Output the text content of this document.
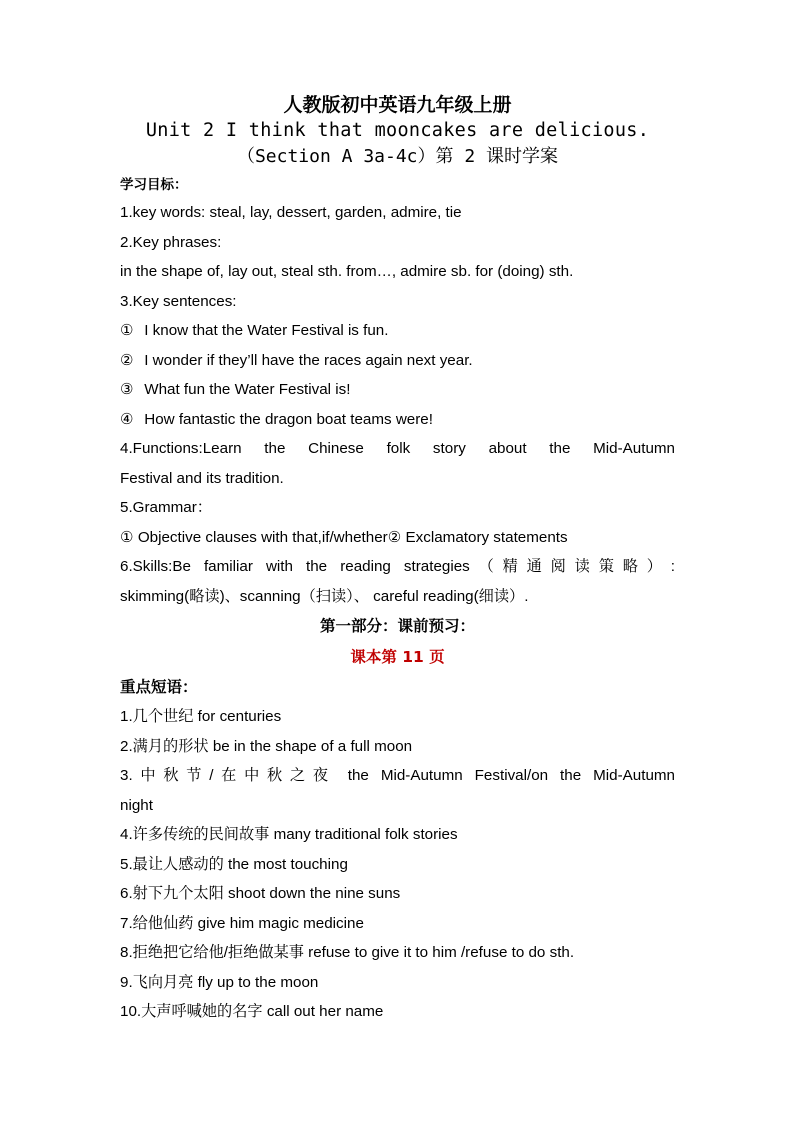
人教版初中英语九年级上册
Unit 2 I think that mooncakes are delicious.
（Section A 3a-4c）第 2 课时学案
学习目标：
1.key words: steal, lay, dessert, garden, admire, tie
2.Key phrases:
in the shape of, lay out, steal sth. from…, admire sb. for (doing) sth.
3.Key sentences:
① I know that the Water Festival is fun.
② I wonder if they’ll have the races again next year.
③ What fun the Water Festival is!
④ How fantastic the dragon boat teams were!
4.Functions:Learn the Chinese folk story about the Mid-Autumn
Festival and its tradition.
5.Grammar：
① Objective clauses with that,if/whether② Exclamatory statements
6.Skills:Be familiar with the reading strategies（精通阅读策略）:
skimming(略读)、scanning（扫读）、 careful reading(细读）.
第一部分：课前预习：
课本第 11 页
重点短语：
1.几个世纪 for centuries
2.满月的形状 be in the shape of a full moon
3.中秋节/在中秋之夜 the Mid-Autumn Festival/on the Mid-Autumn
night
4.许多传统的民间故事 many traditional folk stories
5.最让人感动的 the most touching
6.射下九个太阳 shoot down the nine suns
7.给他仙药 give him magic medicine
8.拒绝把它给他/拒绝做某事 refuse to give it to him /refuse to do sth.
9.飞向月亮 fly up to the moon
10.大声呼喊她的名字 call out her name
